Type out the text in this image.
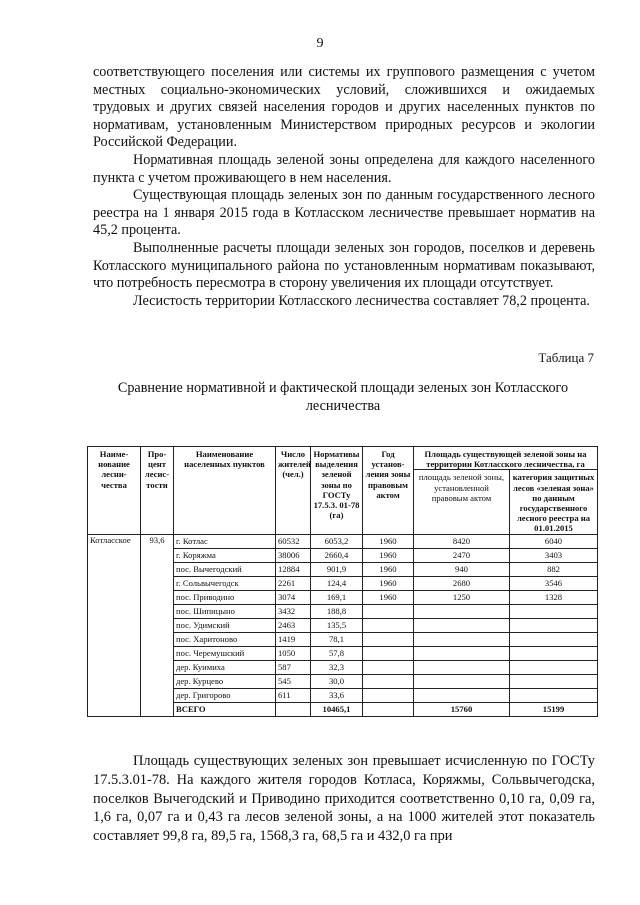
9

соответствующего поселения или системы их группового размещения с учетом местных социально-экономических условий, сложившихся и ожидаемых трудовых и других связей населения городов и других населенных пунктов по нормативам, установленным Министерством природных ресурсов и экологии Российской Федерации.

Нормативная площадь зеленой зоны определена для каждого населенного пункта с учетом проживающего в нем населения.

Существующая площадь зеленых зон по данным государственного лесного реестра на 1 января 2015 года в Котласском лесничестве превышает норматив на 45,2 процента.

Выполненные расчеты площади зеленых зон городов, поселков и деревень Котласского муниципального района по установленным нормативам показывают, что потребность пересмотра в сторону увеличения их площади отсутствует.

Лесистость территории Котласского лесничества составляет 78,2 процента.

Таблица 7
Сравнение нормативной и фактической площади зеленых зон Котласского лесничества
Наиме-нование лесни-чества	Про-цент лесис-тости	Наименование населенных пунктов	Число жителей (чел.)	Нормативы выделения зеленой зоны по ГОСТу 17.5.3. 01-78 (га)	Год установ-ления зоны правовым актом	Площадь существующей зеленой зоны на территории Котласского лесничества, га	
						площадь зеленой зоны, установленной правовым актом	категория защитных лесов «зеленая зона» по данным государственного лесного реестра на 01.01.2015
Котласское	93,6	г. Котлас	60532	6053,2	1960	8420	6040
		г. Коряжма	38006	2660,4	1960	2470	3403
		пос. Вычегодский	12884	901,9	1960	940	882
		г. Сольвычегодск	2261	124,4	1960	2680	3546
		пос. Приводино	3074	169,1	1960	1250	1328
		пос. Шипицыно	3432	188,8			
		пос. Удимский	2463	135,5			
		пос. Харитоново	1419	78,1			
		пос. Черемушский	1050	57,8			
		дер. Куимиха	587	32,3			
		дер. Курцево	545	30,0			
		дер. Григорово	611	33,6			
		ВСЕГО		10465,1		15760	15199

Площадь существующих зеленых зон превышает исчисленную по ГОСТу 17.5.3.01-78. На каждого жителя городов Котласа, Коряжмы, Сольвычегодска, поселков Вычегодский и Приводино приходится соответственно 0,10 га, 0,09 га, 1,6 га, 0,07 га и 0,43 га лесов зеленой зоны, а на 1000 жителей этот показатель составляет 99,8 га, 89,5 га, 1568,3 га, 68,5 га и 432,0 га при
